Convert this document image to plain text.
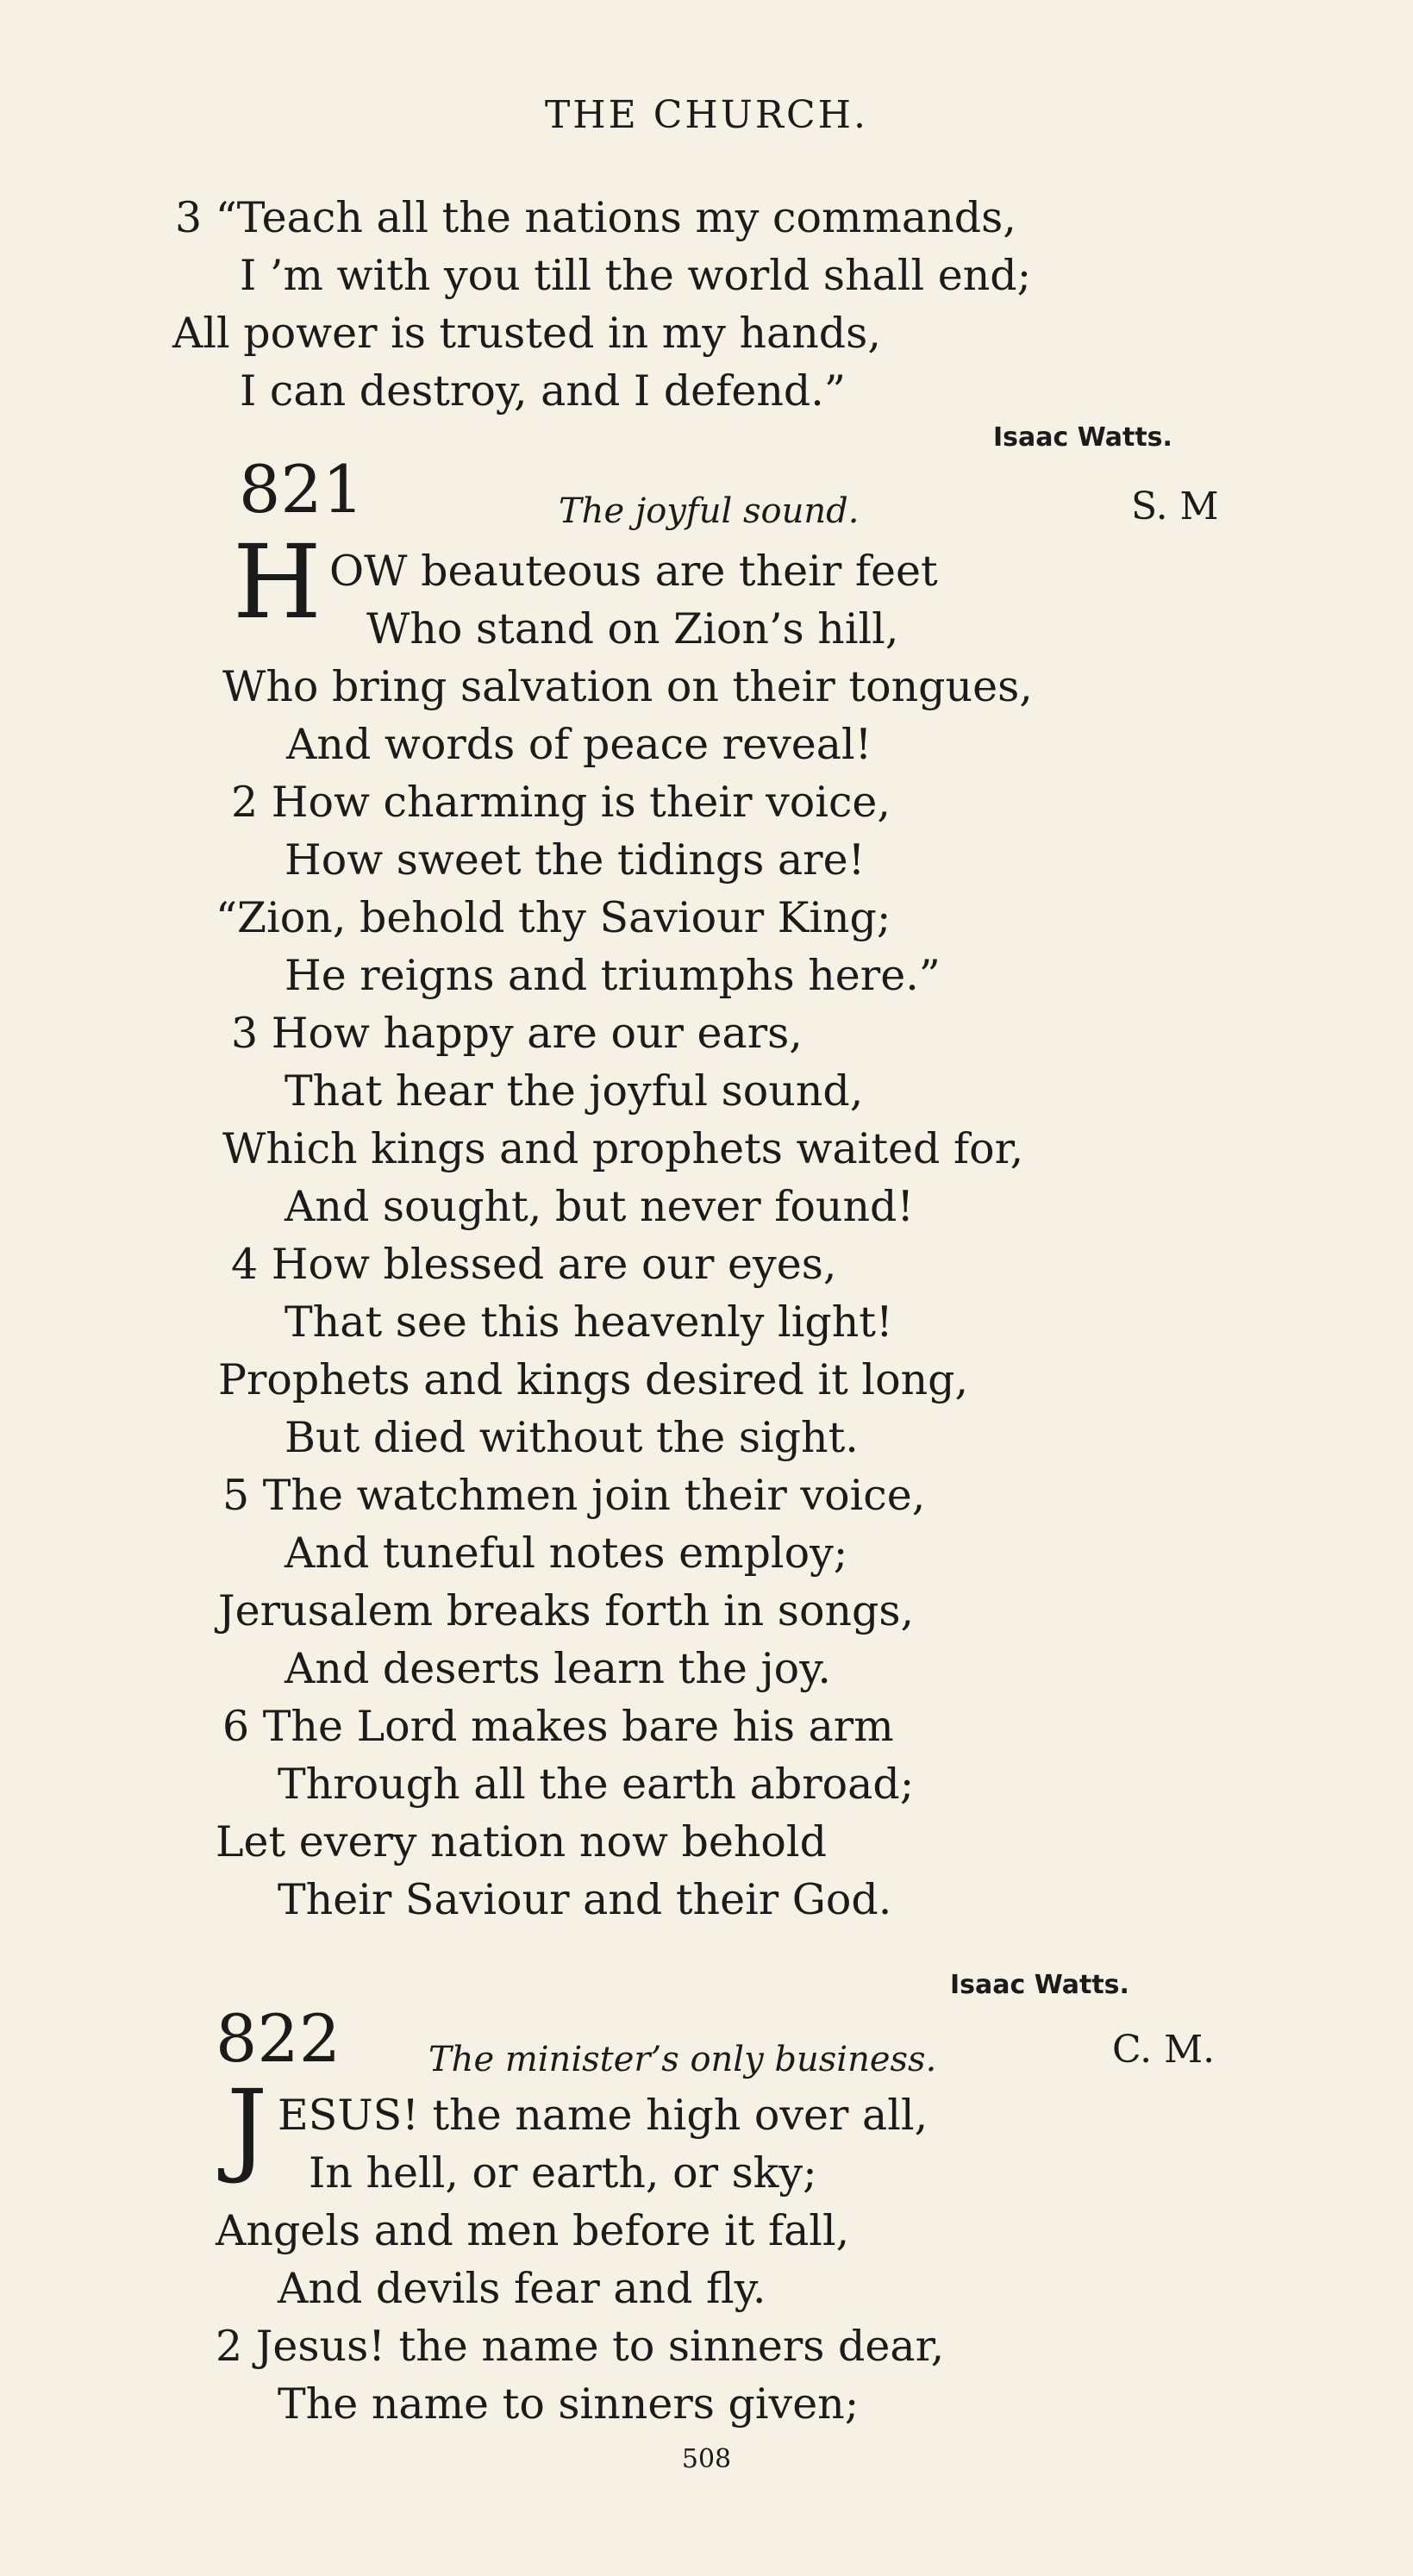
THE CHURCH.
3 “Teach all the nations my commands,
I ’m with you till the world shall end;
All power is trusted in my hands,
I can destroy, and I defend.”
Isaac Watts.
821	The joyful sound.	S. M
H OW beauteous are their feet
Who stand on Zion’s hill,
Who bring salvation on their tongues,
And words of peace reveal!
2 How charming is their voice,
How sweet the tidings are!
“Zion, behold thy Saviour King;
He reigns and triumphs here.”
3 How happy are our ears,
That hear the joyful sound,
Which kings and prophets waited for,
And sought, but never found!
4 How blessed are our eyes,
That see this heavenly light!
Prophets and kings desired it long,
But died without the sight.
5 The watchmen join their voice,
And tuneful notes employ;
Jerusalem breaks forth in songs,
And deserts learn the joy.
6 The Lord makes bare his arm
Through all the earth abroad;
Let every nation now behold
Their Saviour and their God.
Isaac Watts.
822	The minister’s only business.	C. M.
J ESUS! the name high over all,
In hell, or earth, or sky;
Angels and men before it fall,
And devils fear and fly.
2 Jesus! the name to sinners dear,
The name to sinners given;
508
